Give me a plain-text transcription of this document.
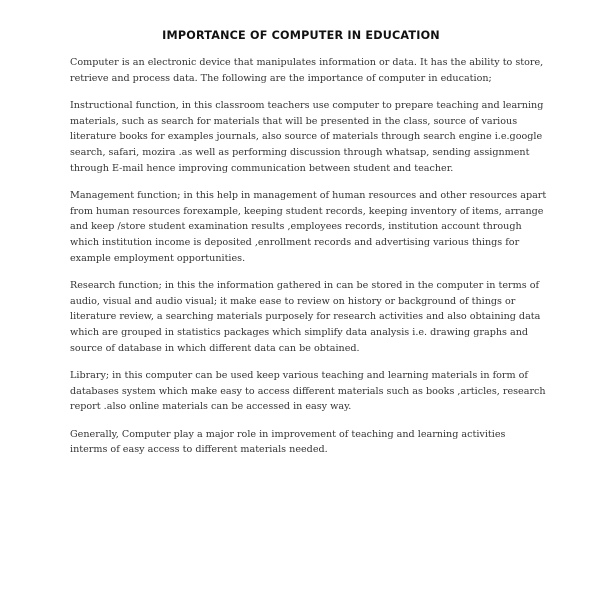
IMPORTANCE OF COMPUTER IN EDUCATION
Computer is an electronic device that manipulates information or data. It has the ability to store,
retrieve and process data. The following are the importance of computer in education;
Instructional function, in this classroom teachers use computer to prepare teaching and learning
materials, such as search for materials that will be presented in the class, source of various
literature books for examples journals, also source of materials through search engine i.e.google
search, safari, mozira .as well as performing discussion through whatsap, sending assignment
through E-mail hence improving communication between student and teacher.
Management function; in this help in management of human resources and other resources apart
from human resources forexample, keeping student records, keeping inventory of items, arrange
and keep /store student examination results ,employees records, institution account through
which institution income is deposited ,enrollment records and advertising various things for
example employment opportunities.
Research function; in this the information gathered in can be stored in the computer in terms of
audio, visual and audio visual; it make ease to review on history or background of things or
literature review, a searching materials purposely for research activities and also obtaining data
which are grouped in statistics packages which simplify data analysis i.e. drawing graphs and
source of database in which different data can be obtained.
Library; in this computer can be used keep various teaching and learning materials in form of
databases system which make easy to access different materials such as books ,articles, research
report .also online materials can be accessed in easy way.
Generally, Computer play a major role in improvement of teaching and learning activities
interms of easy access to different materials needed.
